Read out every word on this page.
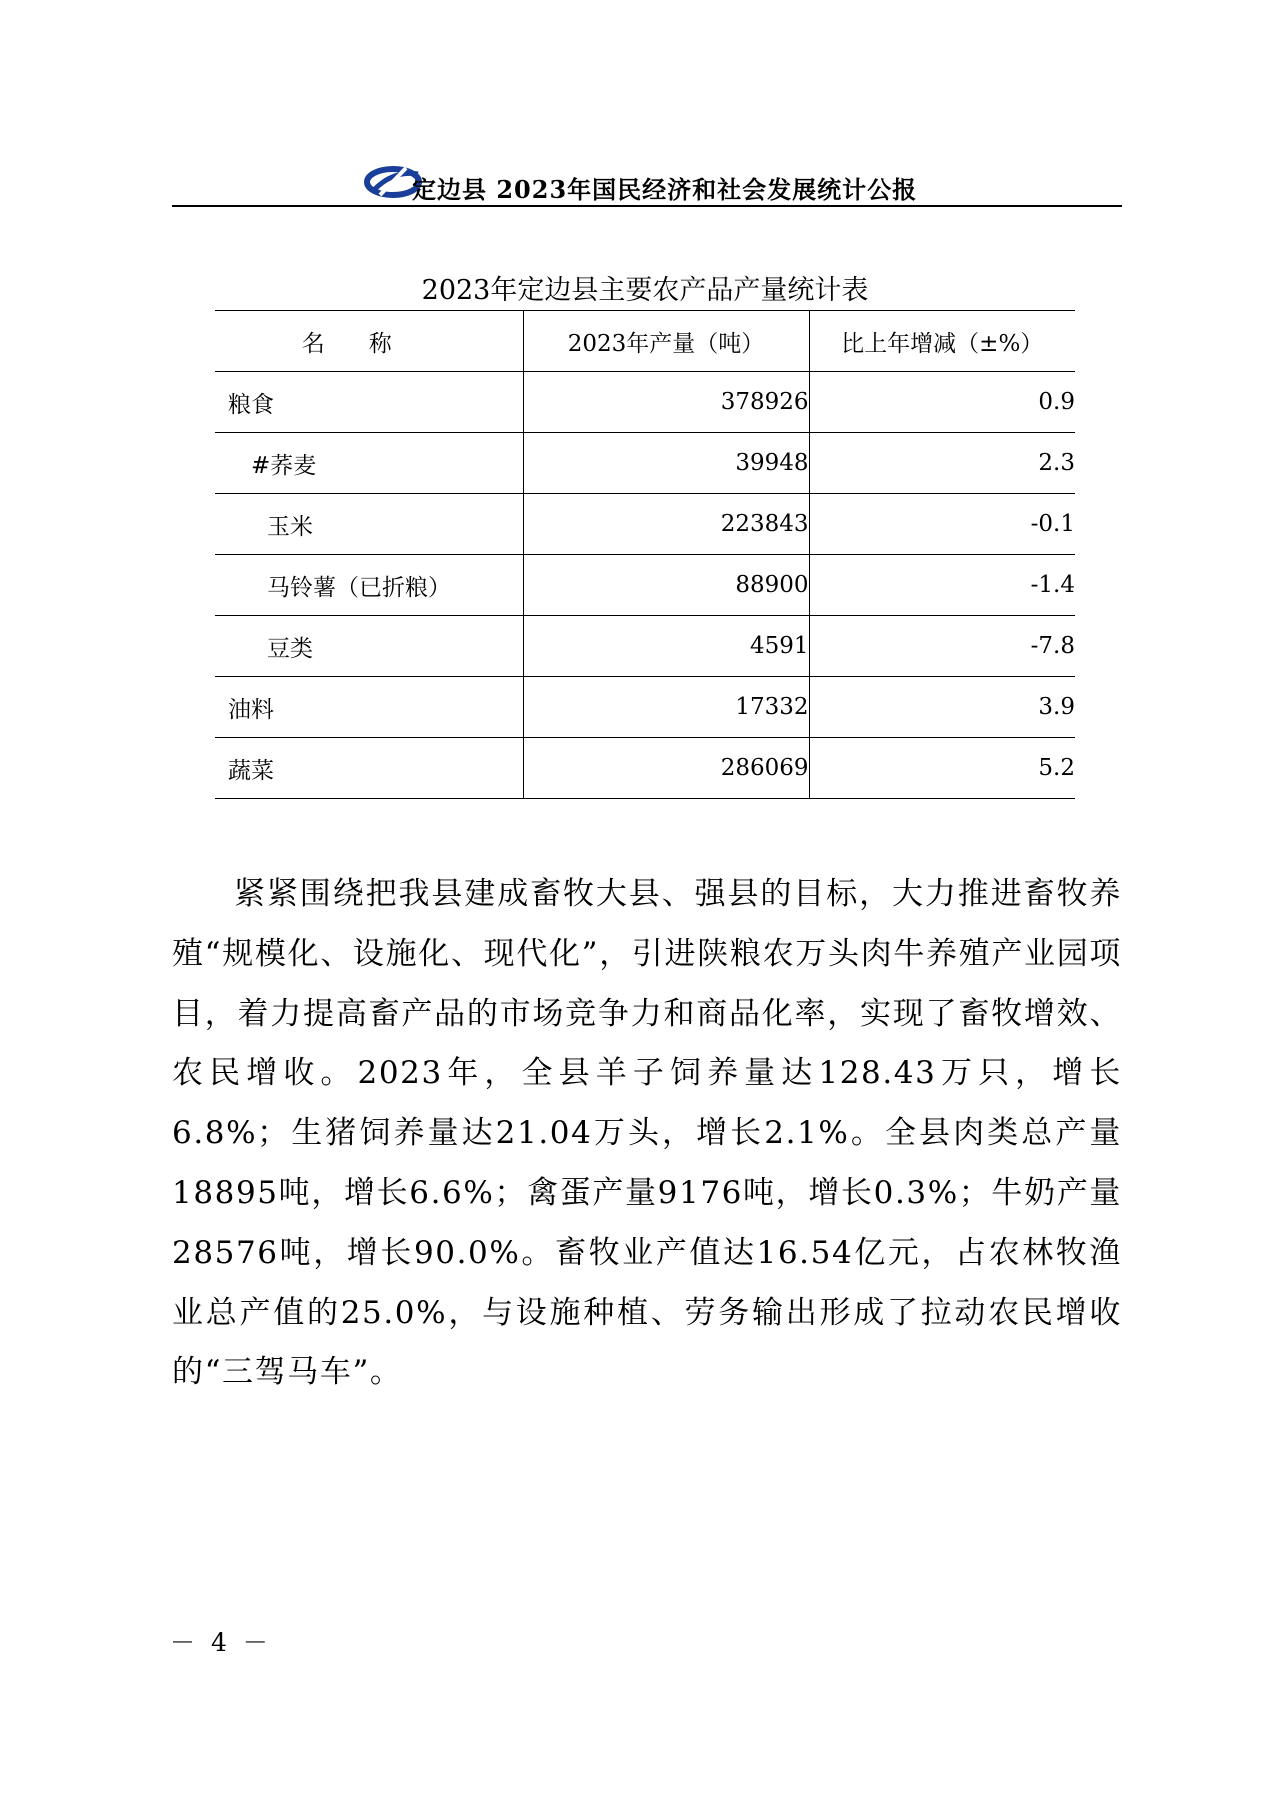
定边县 2023年国民经济和社会发展统计公报
2023年定边县主要农产品产量统计表
名称	2023年产量（吨）	比上年增减（±%）
粮食	378926	0.9
#荞麦	39948	2.3
玉米	223843	-0.1
马铃薯（已折粮）	88900	-1.4
豆类	4591	-7.8
油料	17332	3.9
蔬菜	286069	5.2

紧紧围绕把我县建成畜牧大县、强县的目标，大力推进畜牧养殖“规模化、设施化、现代化”，引进陕粮农万头肉牛养殖产业园项目，着力提高畜产品的市场竞争力和商品化率，实现了畜牧增效、农民增收。2023年，全县羊子饲养量达128.43万只，增长6.8%；生猪饲养量达21.04万头，增长2.1%。全县肉类总产量18895吨，增长6.6%；禽蛋产量9176吨，增长0.3%；牛奶产量28576吨，增长90.0%。畜牧业产值达16.54亿元，占农林牧渔业总产值的25.0%，与设施种植、劳务输出形成了拉动农民增收的“三驾马车”。

－ 4 －
